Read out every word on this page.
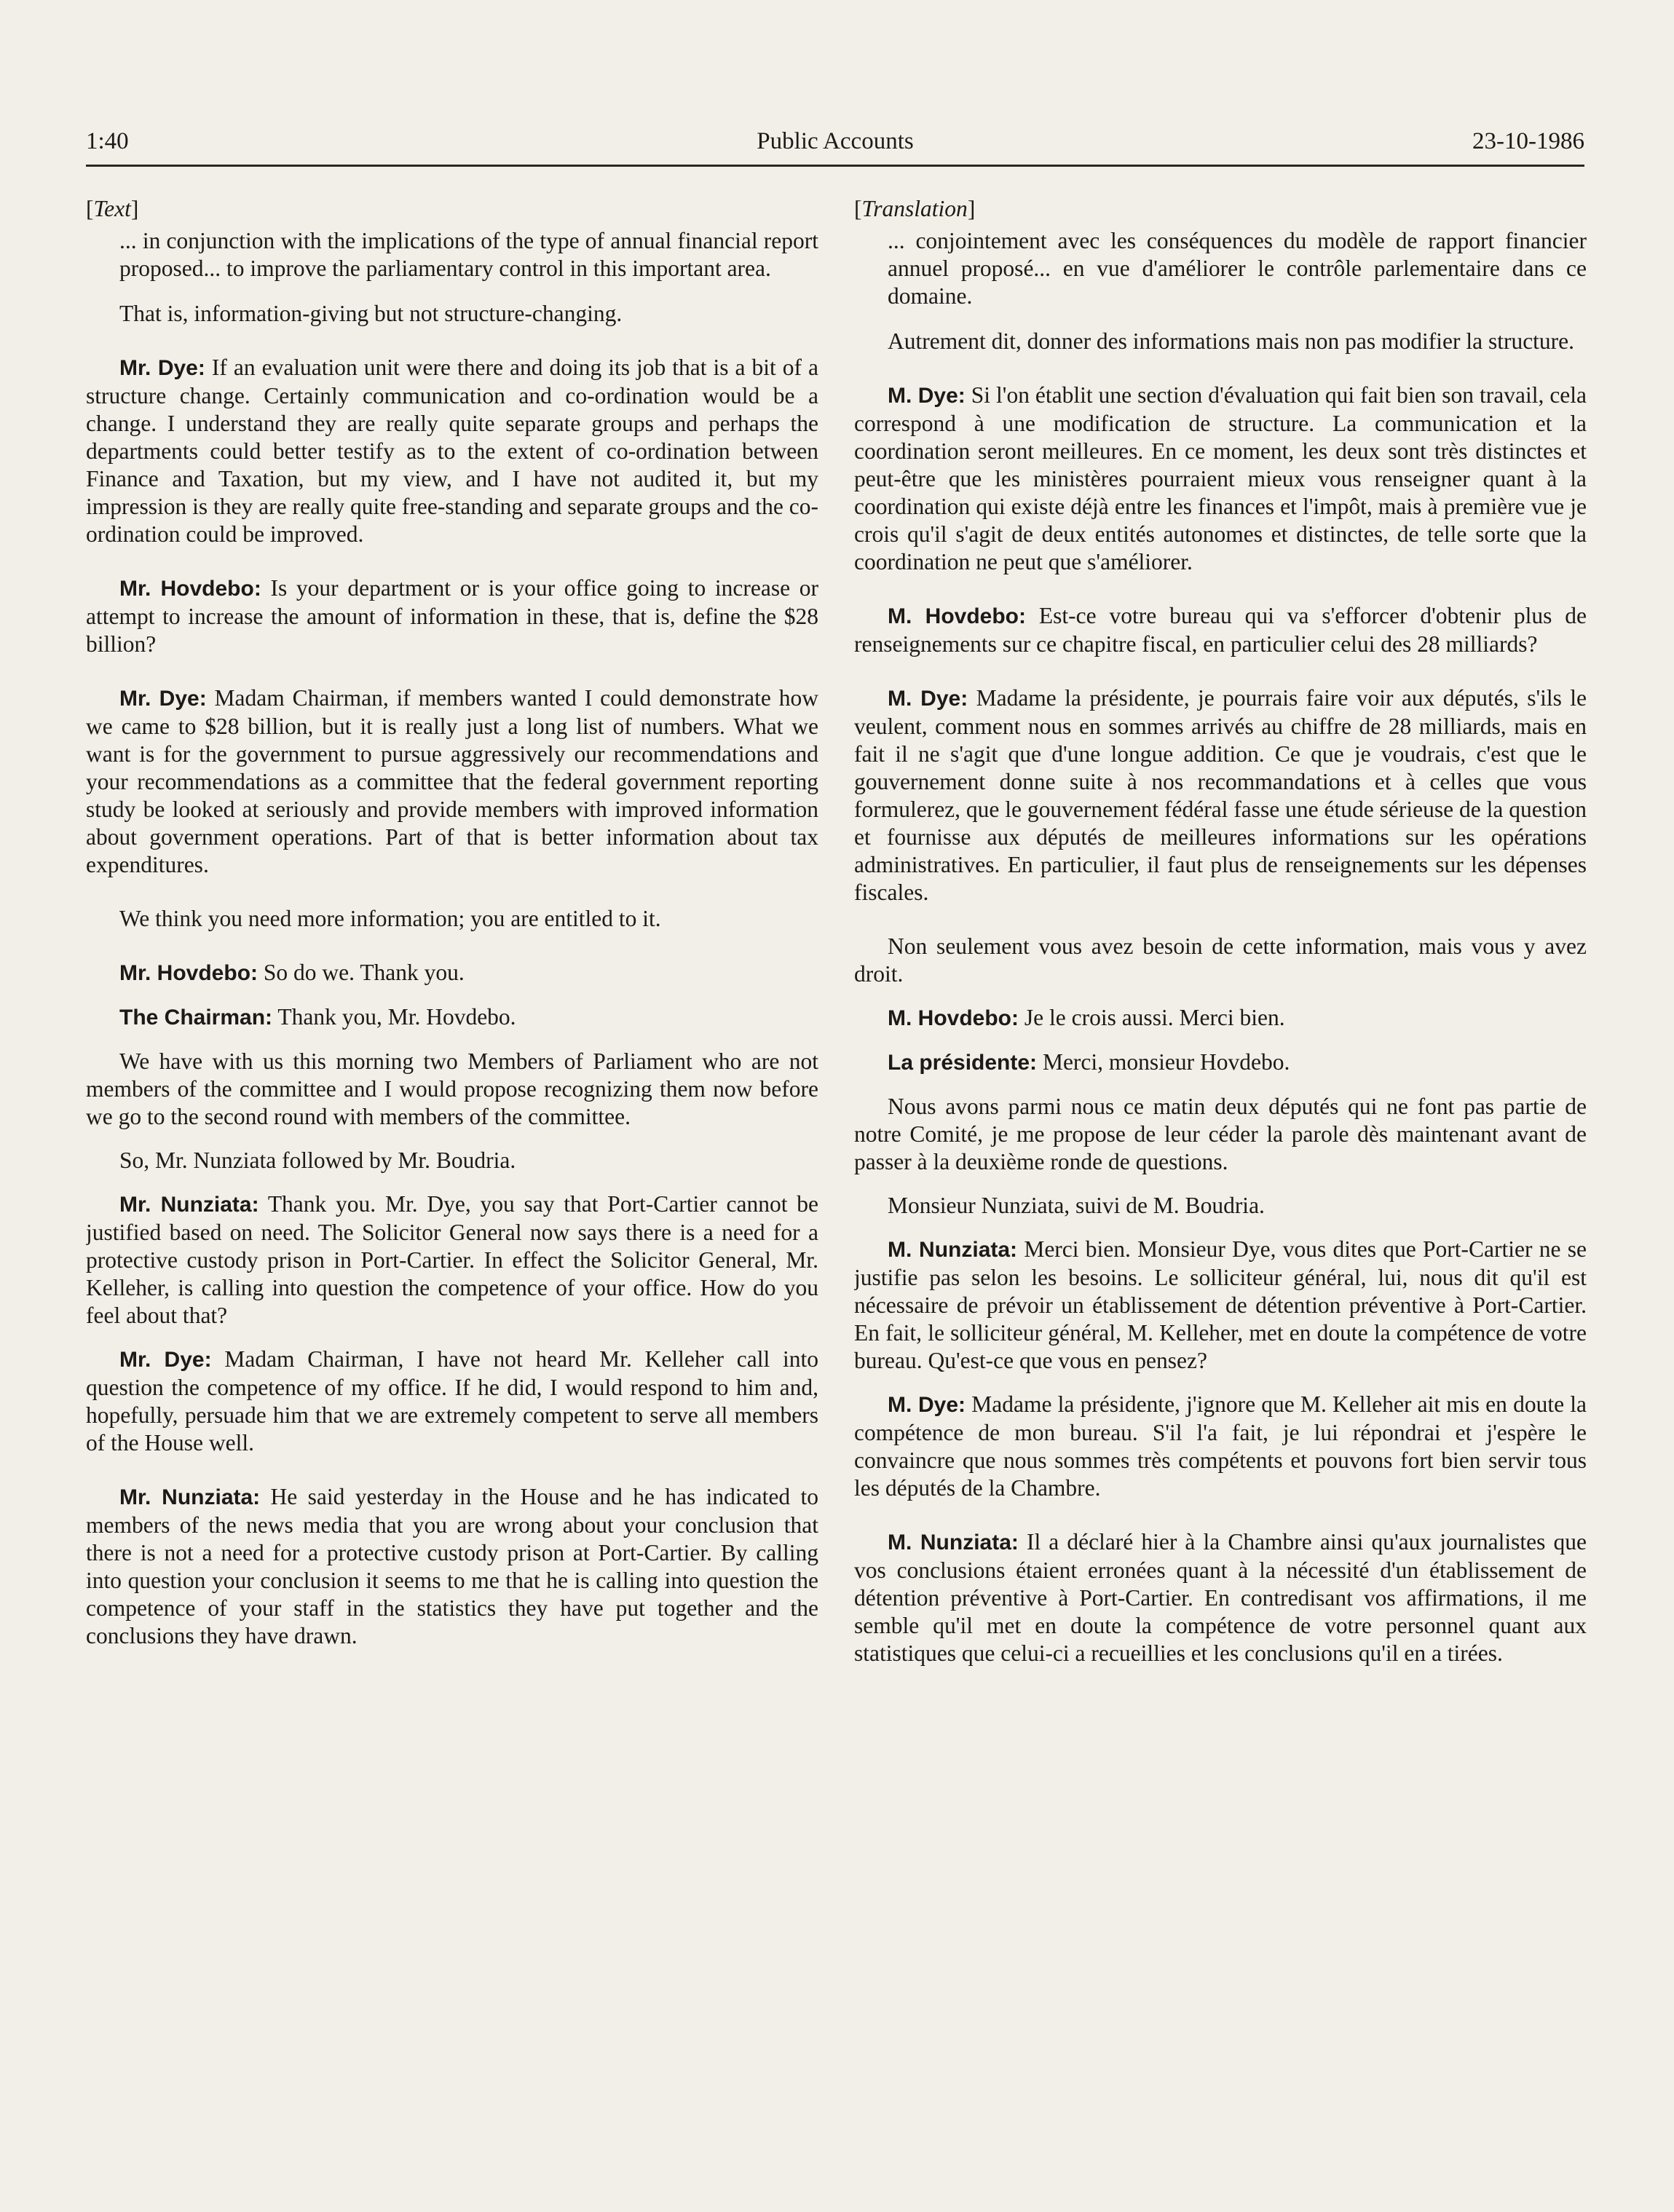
1:40	Public Accounts	23-10-1986
[ Text ]

... in conjunction with the implications of the type of annual financial report proposed... to improve the parliamentary control in this important area.

That is, information-giving but not structure-changing.

Mr. Dye: If an evaluation unit were there and doing its job that is a bit of a structure change. Certainly communication and co-ordination would be a change. I understand they are really quite separate groups and perhaps the departments could better testify as to the extent of co-ordination between Finance and Taxation, but my view, and I have not audited it, but my impression is they are really quite free-standing and separate groups and the co-ordination could be improved.

Mr. Hovdebo: Is your department or is your office going to increase or attempt to increase the amount of information in these, that is, define the $28 billion?

Mr. Dye: Madam Chairman, if members wanted I could demonstrate how we came to $28 billion, but it is really just a long list of numbers. What we want is for the government to pursue aggressively our recommendations and your recommendations as a committee that the federal government reporting study be looked at seriously and provide members with improved information about government operations. Part of that is better information about tax expenditures.

We think you need more information; you are entitled to it.

Mr. Hovdebo: So do we. Thank you.

The Chairman: Thank you, Mr. Hovdebo.

We have with us this morning two Members of Parliament who are not members of the committee and I would propose recognizing them now before we go to the second round with members of the committee.

So, Mr. Nunziata followed by Mr. Boudria.

Mr. Nunziata: Thank you. Mr. Dye, you say that Port-Cartier cannot be justified based on need. The Solicitor General now says there is a need for a protective custody prison in Port-Cartier. In effect the Solicitor General, Mr. Kelleher, is calling into question the competence of your office. How do you feel about that?

Mr. Dye: Madam Chairman, I have not heard Mr. Kelleher call into question the competence of my office. If he did, I would respond to him and, hopefully, persuade him that we are extremely competent to serve all members of the House well.

Mr. Nunziata: He said yesterday in the House and he has indicated to members of the news media that you are wrong about your conclusion that there is not a need for a protective custody prison at Port-Cartier. By calling into question your conclusion it seems to me that he is calling into question the competence of your staff in the statistics they have put together and the conclusions they have drawn.

[ Translation ]

... conjointement avec les conséquences du modèle de rapport financier annuel proposé... en vue d'améliorer le contrôle parlementaire dans ce domaine.

Autrement dit, donner des informations mais non pas modifier la structure.

M. Dye: Si l'on établit une section d'évaluation qui fait bien son travail, cela correspond à une modification de structure. La communication et la coordination seront meilleures. En ce moment, les deux sont très distinctes et peut-être que les ministères pourraient mieux vous renseigner quant à la coordination qui existe déjà entre les finances et l'impôt, mais à première vue je crois qu'il s'agit de deux entités autonomes et distinctes, de telle sorte que la coordination ne peut que s'améliorer.

M. Hovdebo: Est-ce votre bureau qui va s'efforcer d'obtenir plus de renseignements sur ce chapitre fiscal, en particulier celui des 28 milliards?

M. Dye: Madame la présidente, je pourrais faire voir aux députés, s'ils le veulent, comment nous en sommes arrivés au chiffre de 28 milliards, mais en fait il ne s'agit que d'une longue addition. Ce que je voudrais, c'est que le gouvernement donne suite à nos recommandations et à celles que vous formulerez, que le gouvernement fédéral fasse une étude sérieuse de la question et fournisse aux députés de meilleures informations sur les opérations administratives. En particulier, il faut plus de renseignements sur les dépenses fiscales.

Non seulement vous avez besoin de cette information, mais vous y avez droit.

M. Hovdebo: Je le crois aussi. Merci bien.

La présidente: Merci, monsieur Hovdebo.

Nous avons parmi nous ce matin deux députés qui ne font pas partie de notre Comité, je me propose de leur céder la parole dès maintenant avant de passer à la deuxième ronde de questions.

Monsieur Nunziata, suivi de M. Boudria.

M. Nunziata: Merci bien. Monsieur Dye, vous dites que Port-Cartier ne se justifie pas selon les besoins. Le solliciteur général, lui, nous dit qu'il est nécessaire de prévoir un établissement de détention préventive à Port-Cartier. En fait, le solliciteur général, M. Kelleher, met en doute la compétence de votre bureau. Qu'est-ce que vous en pensez?

M. Dye: Madame la présidente, j'ignore que M. Kelleher ait mis en doute la compétence de mon bureau. S'il l'a fait, je lui répondrai et j'espère le convaincre que nous sommes très compétents et pouvons fort bien servir tous les députés de la Chambre.

M. Nunziata: Il a déclaré hier à la Chambre ainsi qu'aux journalistes que vos conclusions étaient erronées quant à la nécessité d'un établissement de détention préventive à Port-Cartier. En contredisant vos affirmations, il me semble qu'il met en doute la compétence de votre personnel quant aux statistiques que celui-ci a recueillies et les conclusions qu'il en a tirées.
